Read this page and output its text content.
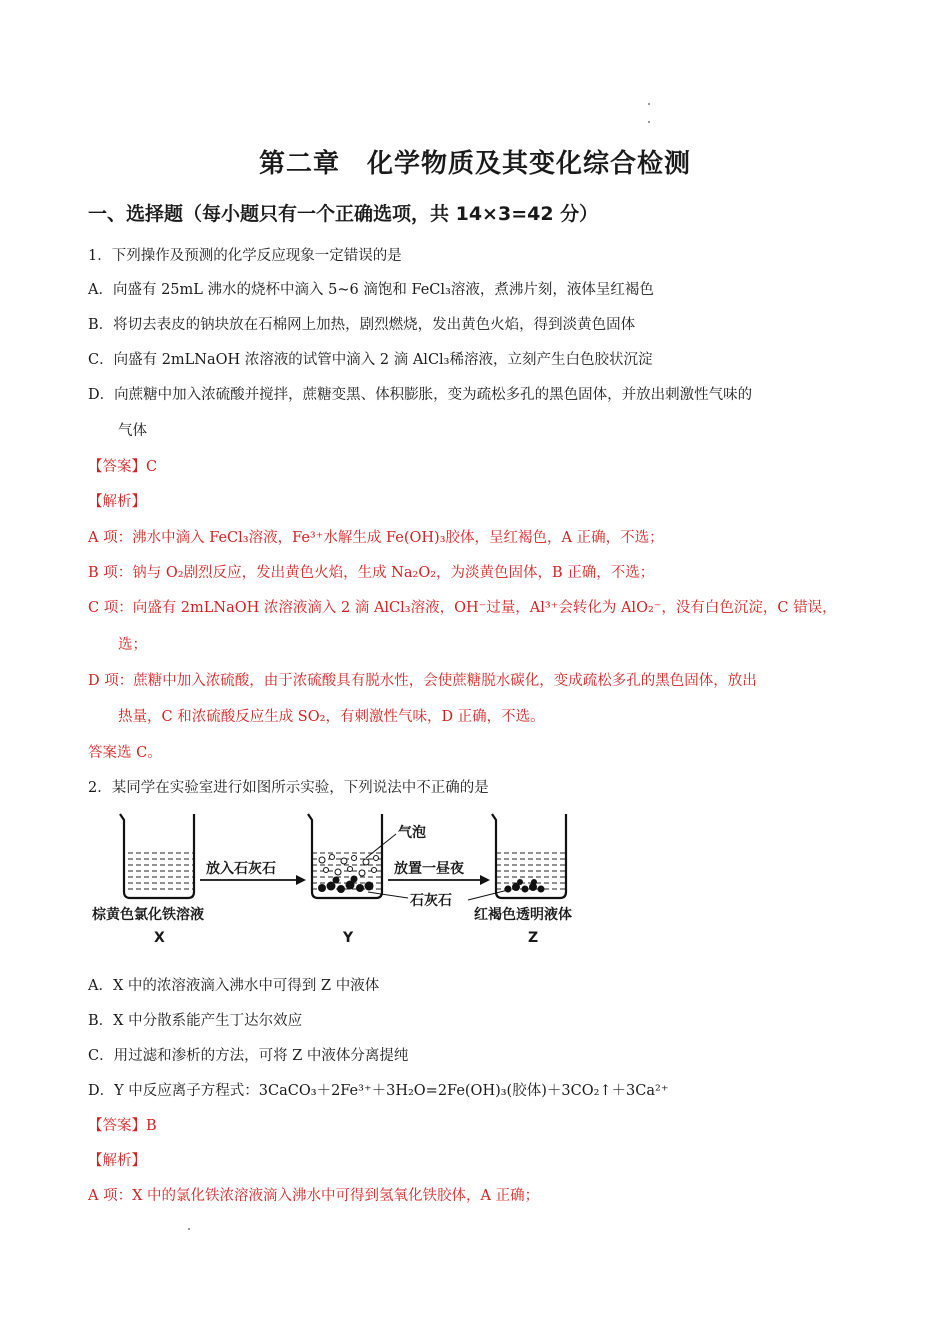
第二章　化学物质及其变化综合检测
一、选择题（每小题只有一个正确选项，共 14×3=42 分）
1．下列操作及预测的化学反应现象一定错误的是
A．向盛有 25mL 沸水的烧杯中滴入 5~6 滴饱和 FeCl₃溶液，煮沸片刻，液体呈红褐色
B．将切去表皮的钠块放在石棉网上加热，剧烈燃烧，发出黄色火焰，得到淡黄色固体
C．向盛有 2mLNaOH 浓溶液的试管中滴入 2 滴 AlCl₃稀溶液，立刻产生白色胶状沉淀
D．向蔗糖中加入浓硫酸并搅拌，蔗糖变黑、体积膨胀，变为疏松多孔的黑色固体，并放出刺激性气味的
气体
【答案】C
【解析】
A 项：沸水中滴入 FeCl₃溶液，Fe³⁺水解生成 Fe(OH)₃胶体，呈红褐色，A 正确，不选；
B 项：钠与 O₂剧烈反应，发出黄色火焰，生成 Na₂O₂，为淡黄色固体，B 正确，不选；
C 项：向盛有 2mLNaOH 浓溶液滴入 2 滴 AlCl₃溶液，OH⁻过量，Al³⁺会转化为 AlO₂⁻，没有白色沉淀，C 错误，
选；
D 项：蔗糖中加入浓硫酸，由于浓硫酸具有脱水性，会使蔗糖脱水碳化，变成疏松多孔的黑色固体，放出
热量，C 和浓硫酸反应生成 SO₂，有刺激性气味，D 正确，不选。
答案选 C。
2．某同学在实验室进行如图所示实验，下列说法中不正确的是
放入石灰石	放置一昼夜
气泡
石灰石
棕黄色氯化铁溶液	红褐色透明液体
X	Y	Z
A．X 中的浓溶液滴入沸水中可得到 Z 中液体
B．X 中分散系能产生丁达尔效应
C．用过滤和渗析的方法，可将 Z 中液体分离提纯
D．Y 中反应离子方程式：3CaCO₃＋2Fe³⁺＋3H₂O=2Fe(OH)₃(胶体)＋3CO₂↑＋3Ca²⁺
【答案】B
【解析】
A 项：X 中的氯化铁浓溶液滴入沸水中可得到氢氧化铁胶体，A 正确；
